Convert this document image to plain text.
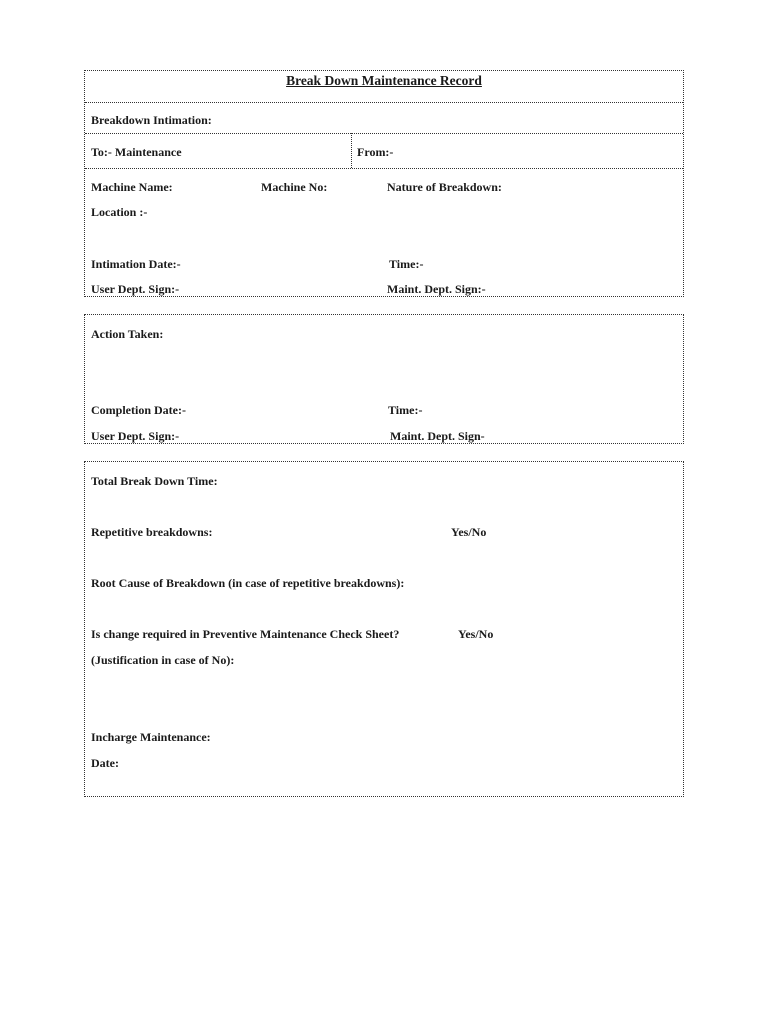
Break Down Maintenance Record
Breakdown Intimation:
To:- Maintenance	From:-
Machine Name:	Machine No:	Nature of Breakdown:
Location :-
Intimation Date:-	Time:-
User Dept. Sign:-	Maint. Dept. Sign:-
Action Taken:
Completion Date:-	Time:-
User Dept. Sign:-	Maint. Dept. Sign-
Total Break Down Time:
Repetitive breakdowns:	Yes/No
Root Cause of Breakdown (in case of repetitive breakdowns):
Is change required in Preventive Maintenance Check Sheet?	Yes/No
(Justification in case of No):
Incharge Maintenance:
Date:
